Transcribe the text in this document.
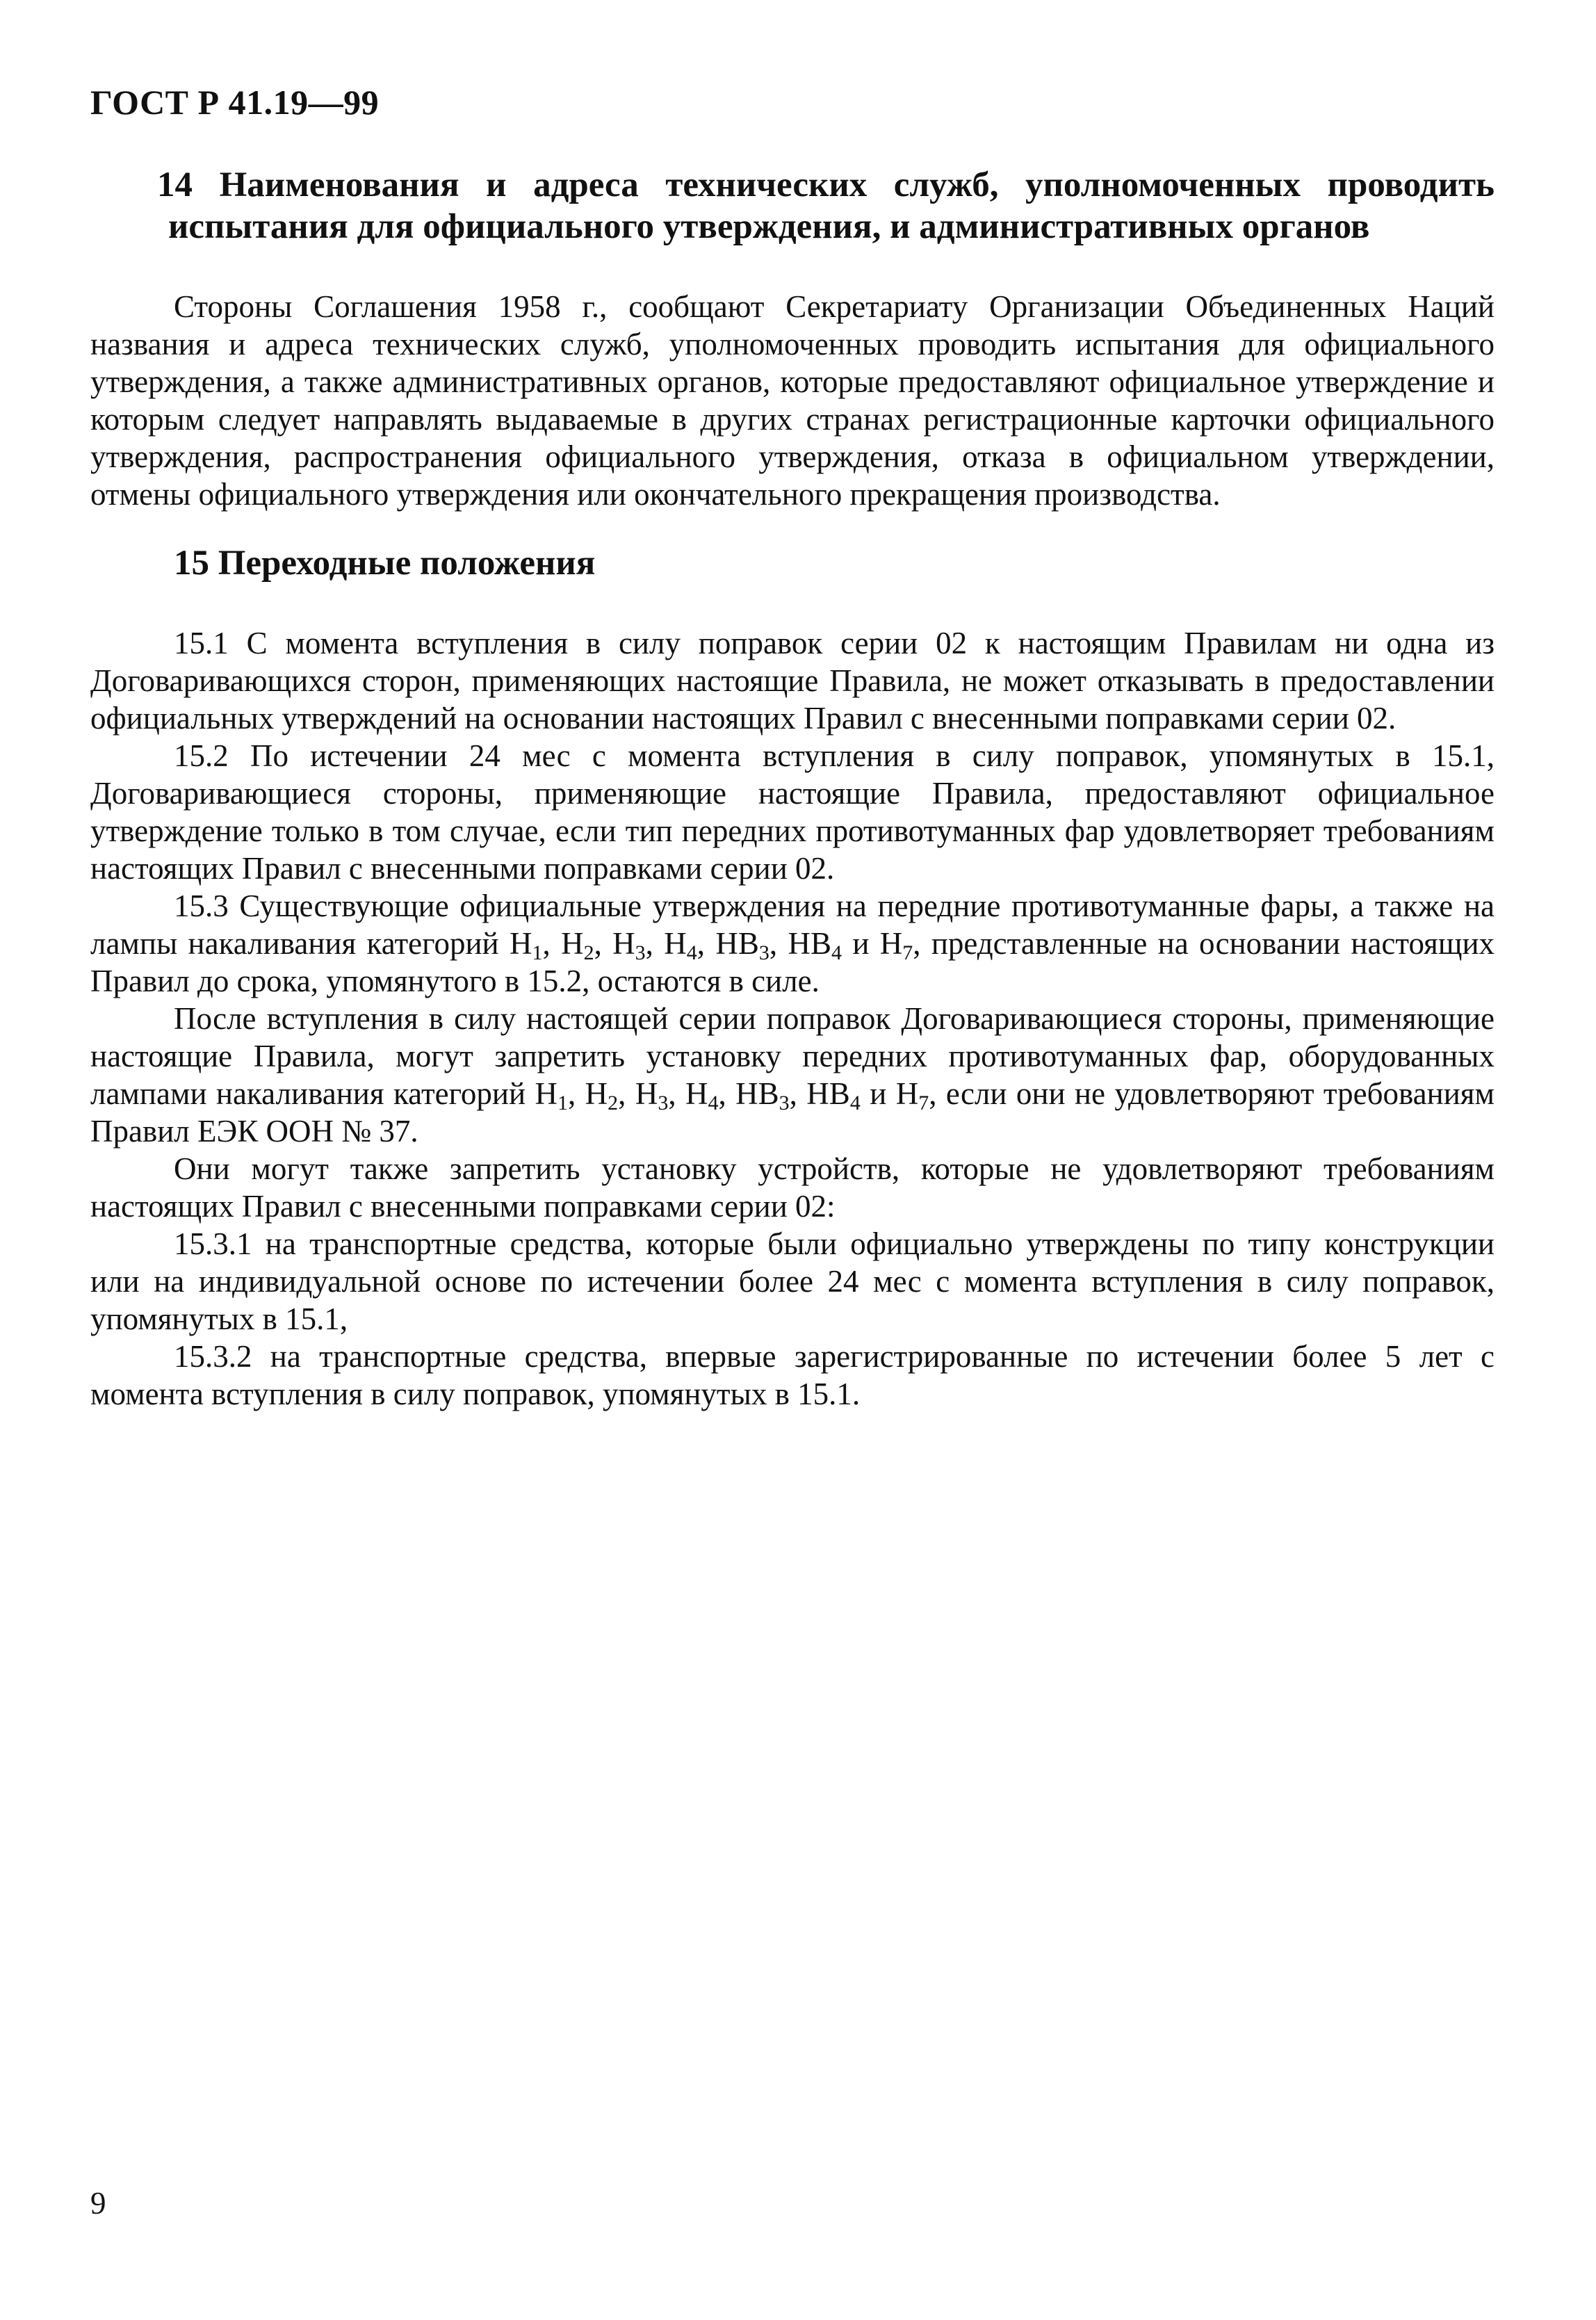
ГОСТ Р 41.19—99
14 Наименования и адреса технических служб, уполномоченных проводить испытания для официального утверждения, и административных органов

Стороны Соглашения 1958 г., сообщают Секретариату Организации Объединенных Наций названия и адреса технических служб, уполномоченных проводить испытания для официального утверждения, а также административных органов, которые предоставляют официальное утверждение и которым следует направлять выдаваемые в других странах регистрационные карточки официального утверждения, распространения официального утверждения, отказа в официальном утверждении, отмены официального утверждения или окончательного прекращения производства.

15 Переходные положения

15.1 С момента вступления в силу поправок серии 02 к настоящим Правилам ни одна из Договаривающихся сторон, применяющих настоящие Правила, не может отказывать в предоставлении официальных утверждений на основании настоящих Правил с внесенными поправками серии 02.

15.2 По истечении 24 мес с момента вступления в силу поправок, упомянутых в 15.1, Договаривающиеся стороны, применяющие настоящие Правила, предоставляют официальное утверждение только в том случае, если тип передних противотуманных фар удовлетворяет требованиям настоящих Правил с внесенными поправками серии 02.

15.3 Существующие официальные утверждения на передние противотуманные фары, а также на лампы накаливания категорий $H_1$, $H_2$, $H_3$, $H_4$, $HB_3$, $HB_4$ и $H_7$, представленные на основании настоящих Правил до срока, упомянутого в 15.2, остаются в силе.

После вступления в силу настоящей серии поправок Договаривающиеся стороны, применяющие настоящие Правила, могут запретить установку передних противотуманных фар, оборудованных лампами накаливания категорий $H_1$, $H_2$, $H_3$, $H_4$, $HB_3$, $HB_4$ и $H_7$, если они не удовлетворяют требованиям Правил ЕЭК ООН № 37.

Они могут также запретить установку устройств, которые не удовлетворяют требованиям настоящих Правил с внесенными поправками серии 02:

15.3.1 на транспортные средства, которые были официально утверждены по типу конструкции или на индивидуальной основе по истечении более 24 мес с момента вступления в силу поправок, упомянутых в 15.1,

15.3.2 на транспортные средства, впервые зарегистрированные по истечении более 5 лет с момента вступления в силу поправок, упомянутых в 15.1.

9
